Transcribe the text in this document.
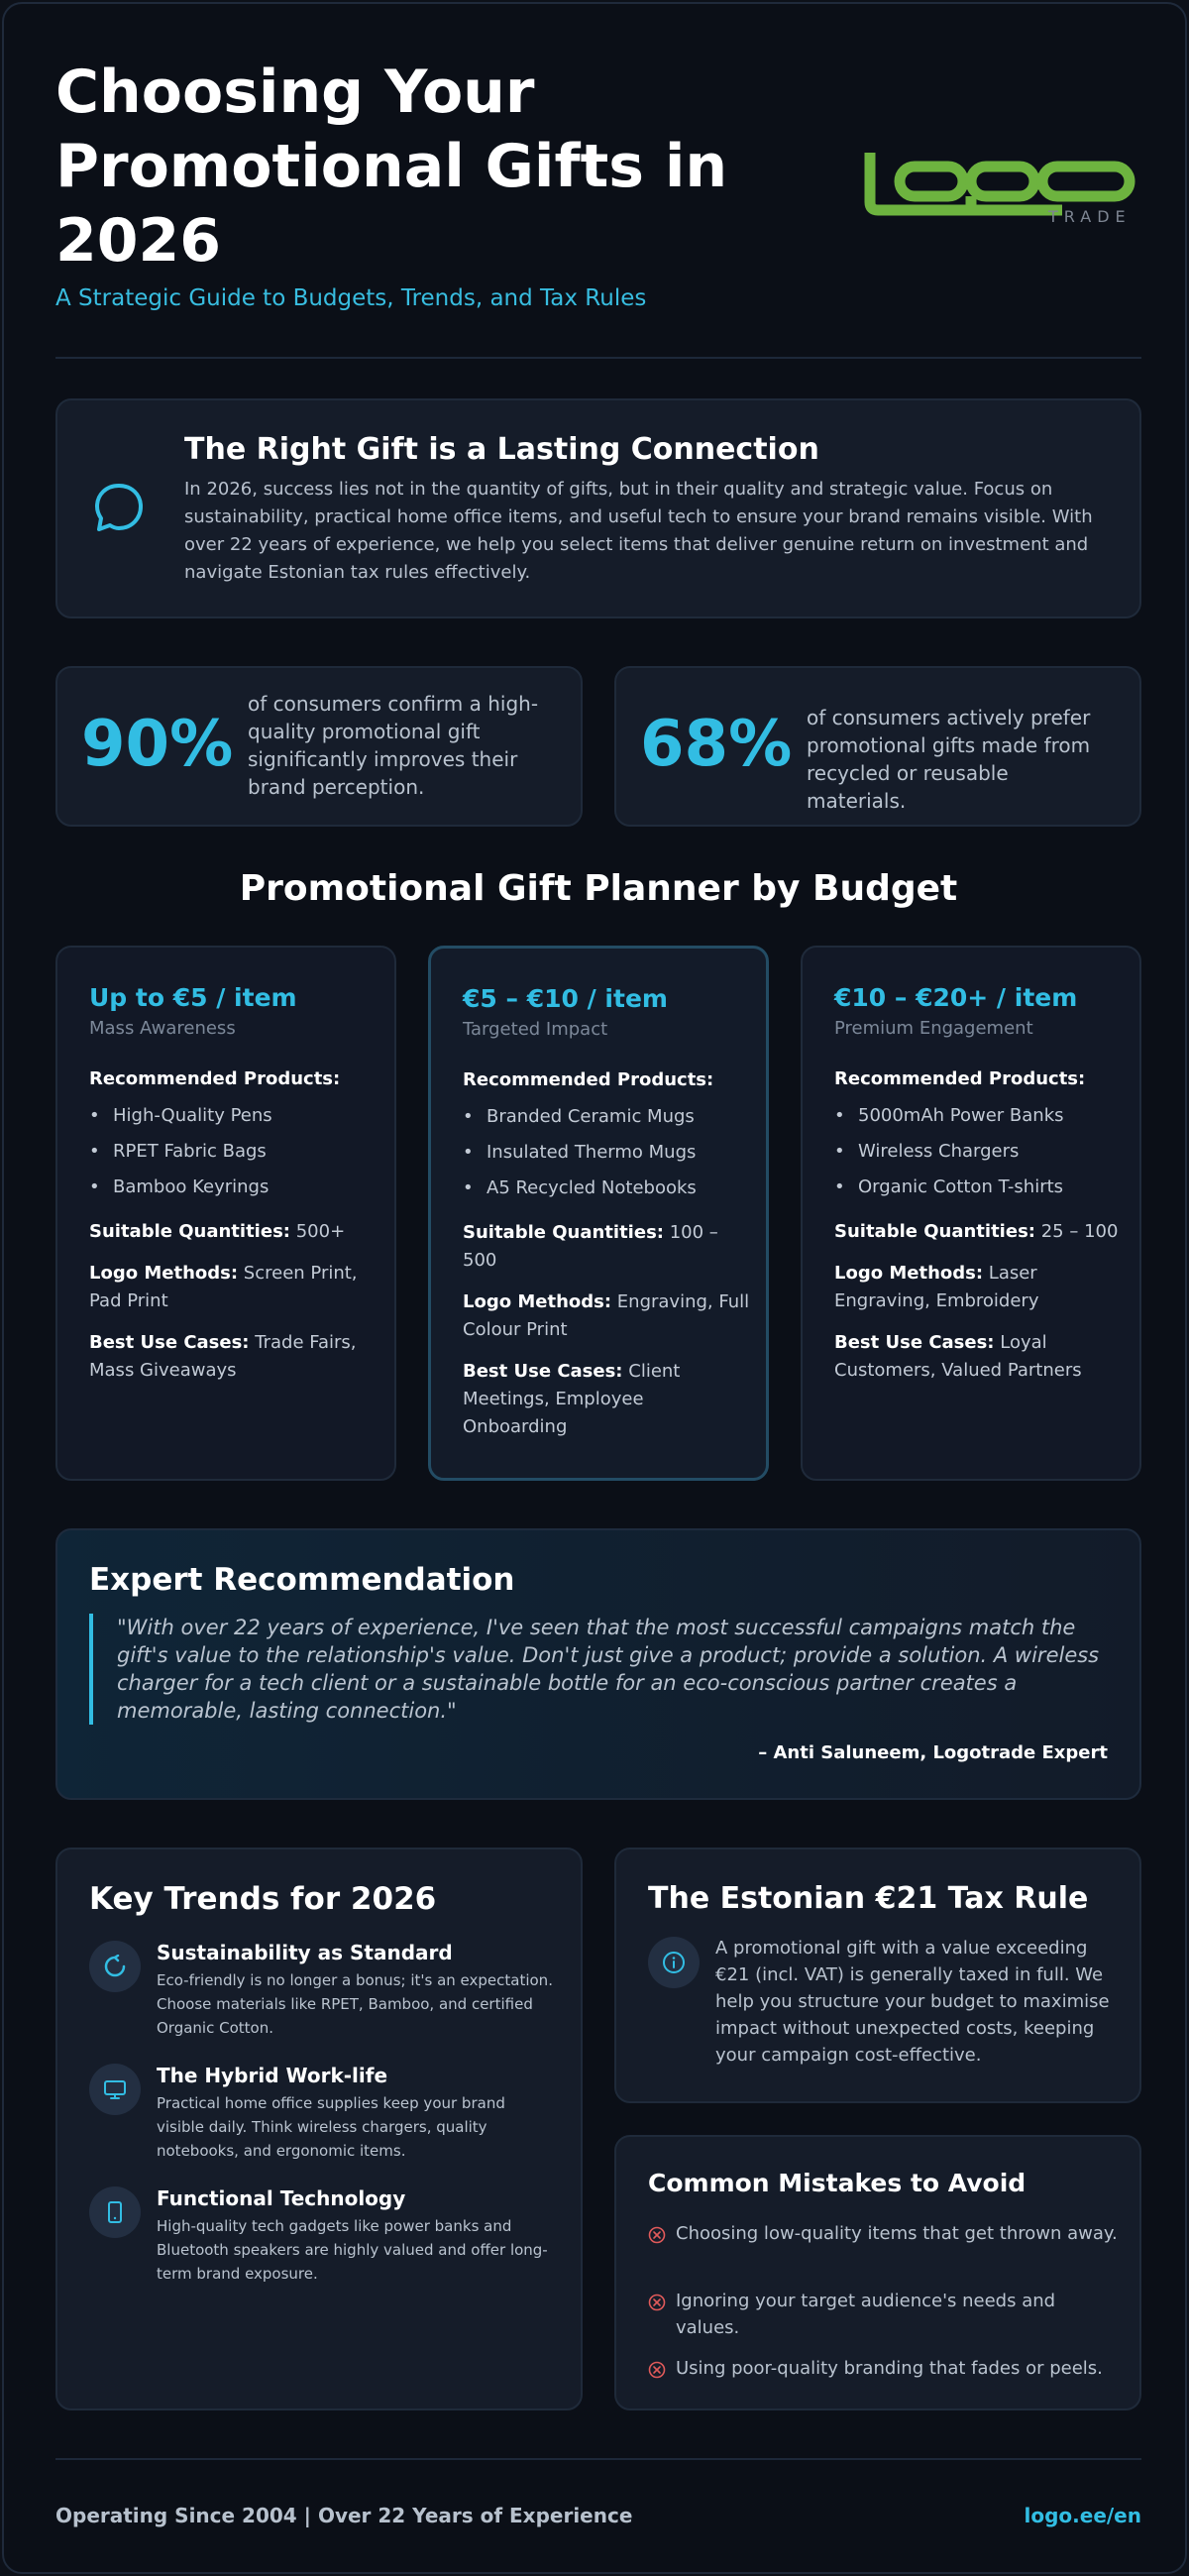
Choosing Your Promotional Gifts in 2026
A Strategic Guide to Budgets, Trends, and Tax Rules
TRADE
The Right Gift is a Lasting Connection

In 2026, success lies not in the quantity of gifts, but in their quality and strategic value. Focus on sustainability, practical home office items, and useful tech to ensure your brand remains visible. With over 22 years of experience, we help you select items that deliver genuine return on investment and navigate Estonian tax rules effectively.

90%
of consumers confirm a high-quality promotional gift significantly improves their brand perception.
68% of consumers actively prefer promotional gifts made from recycled or reusable materials.
Promotional Gift Planner by Budget
Up to €5 / item
Mass Awareness
Recommended Products:
• High-Quality Pens
• RPET Fabric Bags
• Bamboo Keyrings
Suitable Quantities: 500+
Logo Methods: Screen Print, Pad Print
Best Use Cases: Trade Fairs, Mass Giveaways
€5 – €10 / item
Targeted Impact
Recommended Products:
• Branded Ceramic Mugs
• Insulated Thermo Mugs
• A5 Recycled Notebooks
Suitable Quantities: 100 – 500
Logo Methods: Engraving, Full Colour Print
Best Use Cases: Client Meetings, Employee Onboarding
€10 – €20+ / item
Premium Engagement
Recommended Products:
• 5000mAh Power Banks
• Wireless Chargers
• Organic Cotton T-shirts
Suitable Quantities: 25 – 100
Logo Methods: Laser Engraving, Embroidery
Best Use Cases: Loyal Customers, Valued Partners
Expert Recommendation
"With over 22 years of experience, I've seen that the most successful campaigns match the gift's value to the relationship's value. Don't just give a product; provide a solution. A wireless charger for a tech client or a sustainable bottle for an eco-conscious partner creates a memorable, lasting connection."
– Anti Saluneem, Logotrade Expert
Key Trends for 2026
Sustainability as Standard

Eco-friendly is no longer a bonus; it's an expectation. Choose materials like RPET, Bamboo, and certified Organic Cotton.

The Hybrid Work-life

Practical home office supplies keep your brand visible daily. Think wireless chargers, quality notebooks, and ergonomic items.

Functional Technology

High-quality tech gadgets like power banks and Bluetooth speakers are highly valued and offer long-term brand exposure.

The Estonian €21 Tax Rule

A promotional gift with a value exceeding €21 (incl. VAT) is generally taxed in full. We help you structure your budget to maximise impact without unexpected costs, keeping your campaign cost-effective.

Common Mistakes to Avoid
Choosing low-quality items that get thrown away.
Ignoring your target audience's needs and values.
Using poor-quality branding that fades or peels.
Operating Since 2004 | Over 22 Years of Experience	logo.ee/en
